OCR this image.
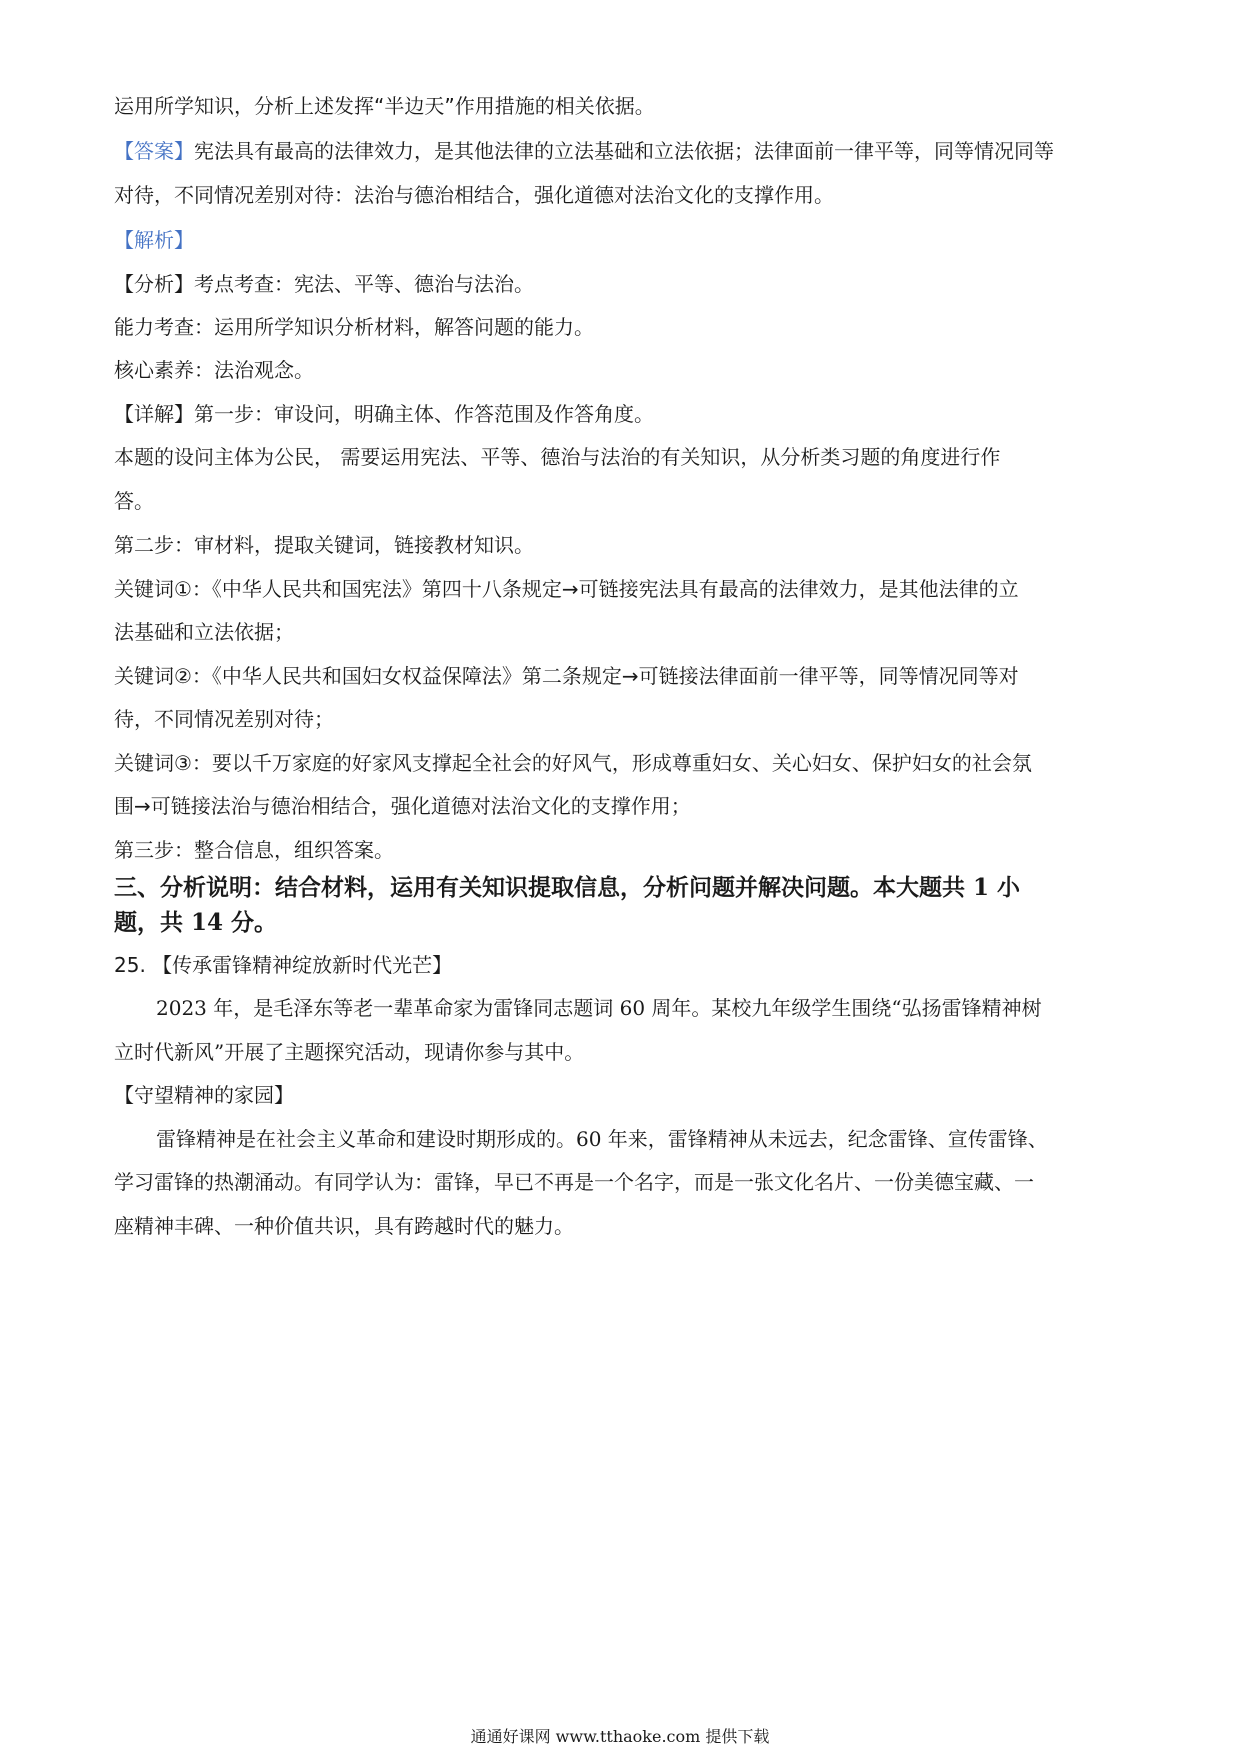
运用所学知识，分析上述发挥“半边天”作用措施的相关依据。
【答案】宪法具有最高的法律效力，是其他法律的立法基础和立法依据；法律面前一律平等，同等情况同等
对待，不同情况差别对待：法治与德治相结合，强化道德对法治文化的支撑作用。
【解析】
【分析】考点考查：宪法、平等、德治与法治。
能力考查：运用所学知识分析材料，解答问题的能力。
核心素养：法治观念。
【详解】第一步：审设问，明确主体、作答范围及作答角度。
本题的设问主体为公民， 需要运用宪法、平等、德治与法治的有关知识，从分析类习题的角度进行作
答。
第二步：审材料，提取关键词，链接教材知识。
关键词①：《中华人民共和国宪法》第四十八条规定→可链接宪法具有最高的法律效力，是其他法律的立
法基础和立法依据；
关键词②：《中华人民共和国妇女权益保障法》第二条规定→可链接法律面前一律平等，同等情况同等对
待，不同情况差别对待；
关键词③：要以千万家庭的好家风支撑起全社会的好风气，形成尊重妇女、关心妇女、保护妇女的社会氛
围→可链接法治与德治相结合，强化道德对法治文化的支撑作用；
第三步：整合信息，组织答案。
三、分析说明：结合材料，运用有关知识提取信息，分析问题并解决问题。本大题共 1 小
题，共 14 分。
25. 【传承雷锋精神绽放新时代光芒】
2023 年，是毛泽东等老一辈革命家为雷锋同志题词 60 周年。某校九年级学生围绕“弘扬雷锋精神树
立时代新风”开展了主题探究活动，现请你参与其中。
【守望精神的家园】
雷锋精神是在社会主义革命和建设时期形成的。60 年来，雷锋精神从未远去，纪念雷锋、宣传雷锋、
学习雷锋的热潮涌动。有同学认为：雷锋，早已不再是一个名字，而是一张文化名片、一份美德宝藏、一
座精神丰碑、一种价值共识，具有跨越时代的魅力。
通通好课网 www.tthaoke.com 提供下载
